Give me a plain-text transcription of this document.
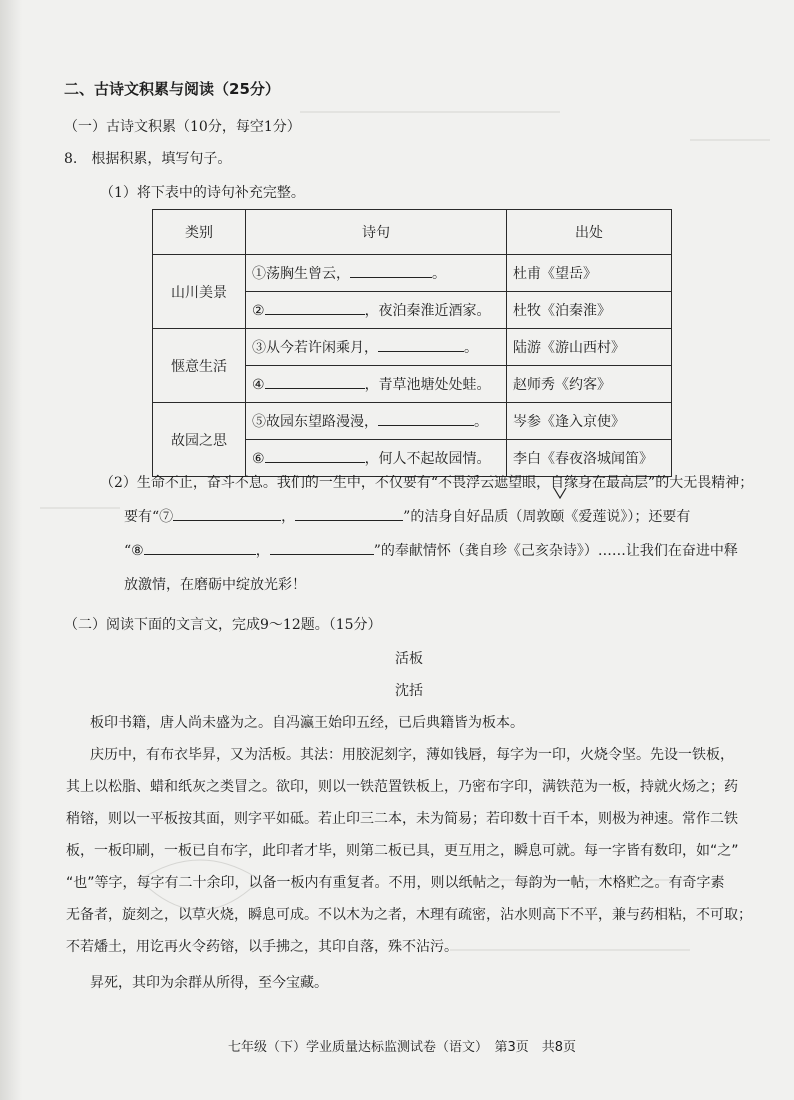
二、古诗文积累与阅读（25分）
（一）古诗文积累（10分，每空1分）
8.　根据积累，填写句子。
（1）将下表中的诗句补充完整。
类别	诗句	出处
山川美景	①荡胸生曾云， 。	杜甫《望岳》
	② ，夜泊秦淮近酒家。	杜牧《泊秦淮》
惬意生活	③从今若许闲乘月， 。	陆游《游山西村》
	④ ，青草池塘处处蛙。	赵师秀《约客》
故园之思	⑤故园东望路漫漫， 。	岑参《逢入京使》
	⑥ ，何人不起故园情。	李白《春夜洛城闻笛》
（2）生命不止，奋斗不息。我们的一生中，不仅要有“不畏浮云遮望眼，自缘身在最高层”的大无畏精神；
要有“⑦	，	”的洁身自好品质（周敦颐《爱莲说》）；还要有
“⑧	，	”的奉献情怀（龚自珍《己亥杂诗》）……让我们在奋进中释
放激情，在磨砺中绽放光彩！
（二）阅读下面的文言文，完成9～12题。（15分）
活板
沈括
板印书籍，唐人尚未盛为之。自冯瀛王始印五经，已后典籍皆为板本。
庆历中，有布衣毕昇，又为活板。其法：用胶泥刻字，薄如钱唇，每字为一印，火烧令坚。先设一铁板，
其上以松脂、蜡和纸灰之类冒之。欲印，则以一铁范置铁板上，乃密布字印，满铁范为一板，持就火炀之；药
稍镕，则以一平板按其面，则字平如砥。若止印三二本，未为简易；若印数十百千本，则极为神速。常作二铁
板，一板印刷，一板已自布字，此印者才毕，则第二板已具，更互用之，瞬息可就。每一字皆有数印，如“之”
“也”等字，每字有二十余印，以备一板内有重复者。不用，则以纸帖之，每韵为一帖，木格贮之。有奇字素
无备者，旋刻之，以草火烧，瞬息可成。不以木为之者，木理有疏密，沾水则高下不平，兼与药相粘，不可取；
不若燔土，用讫再火令药镕，以手拂之，其印自落，殊不沾污。
昇死，其印为余群从所得，至今宝藏。
七年级（下）学业质量达标监测试卷（语文）　第3页　共8页
